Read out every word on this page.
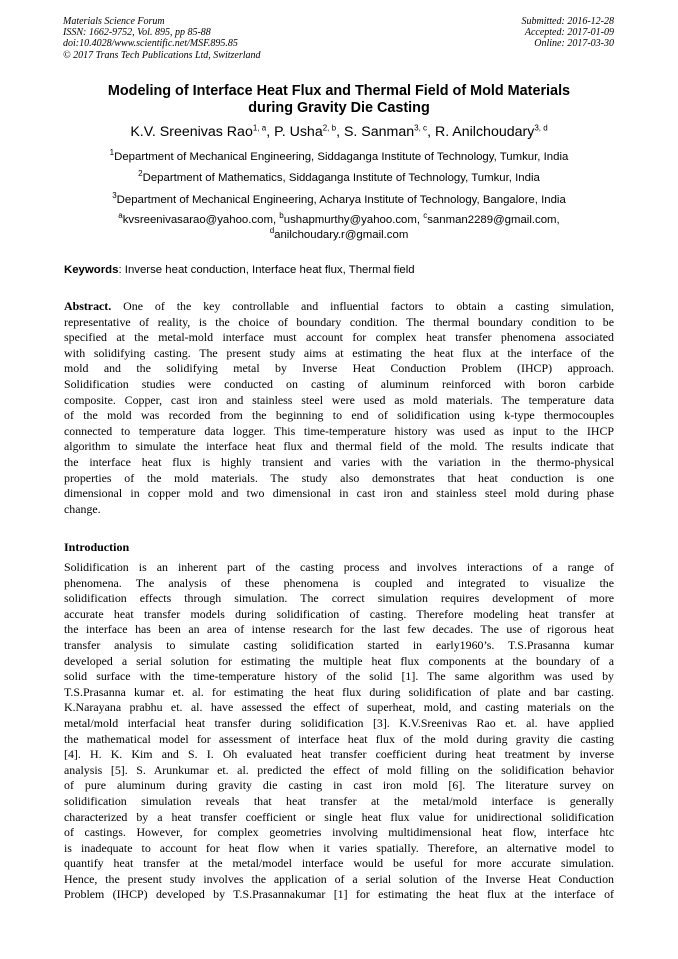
Materials Science Forum
ISSN: 1662-9752, Vol. 895, pp 85-88
doi:10.4028/www.scientific.net/MSF.895.85
© 2017 Trans Tech Publications Ltd, Switzerland
Submitted: 2016-12-28
Accepted: 2017-01-09
Online: 2017-03-30
Modeling of Interface Heat Flux and Thermal Field of Mold Materials
during Gravity Die Casting
K.V. Sreenivas Rao$^{1, a}$, P. Usha$^{2, b}$, S. Sanman$^{3, c}$, R. Anilchoudary$^{3, d}$
$^1$Department of Mechanical Engineering, Siddaganga Institute of Technology, Tumkur, India
$^2$Department of Mathematics, Siddaganga Institute of Technology, Tumkur, India
$^3$Department of Mechanical Engineering, Acharya Institute of Technology, Bangalore, India
$^a$kvsreenivasarao@yahoo.com, $^b$ushapmurthy@yahoo.com, $^c$sanman2289@gmail.com,
$^d$anilchoudary.r@gmail.com
Keywords: Inverse heat conduction, Interface heat flux, Thermal field
Abstract. One of the key controllable and influential factors to obtain a casting simulation,
representative of reality, is the choice of boundary condition. The thermal boundary condition to be
specified at the metal-mold interface must account for complex heat transfer phenomena associated
with solidifying casting. The present study aims at estimating the heat flux at the interface of the
mold and the solidifying metal by Inverse Heat Conduction Problem (IHCP) approach.
Solidification studies were conducted on casting of aluminum reinforced with boron carbide
composite. Copper, cast iron and stainless steel were used as mold materials. The temperature data
of the mold was recorded from the beginning to end of solidification using k-type thermocouples
connected to temperature data logger. This time-temperature history was used as input to the IHCP
algorithm to simulate the interface heat flux and thermal field of the mold. The results indicate that
the interface heat flux is highly transient and varies with the variation in the thermo-physical
properties of the mold materials. The study also demonstrates that heat conduction is one
dimensional in copper mold and two dimensional in cast iron and stainless steel mold during phase
change.
Introduction
Solidification is an inherent part of the casting process and involves interactions of a range of
phenomena. The analysis of these phenomena is coupled and integrated to visualize the
solidification effects through simulation. The correct simulation requires development of more
accurate heat transfer models during solidification of casting. Therefore modeling heat transfer at
the interface has been an area of intense research for the last few decades. The use of rigorous heat
transfer analysis to simulate casting solidification started in early1960’s. T.S.Prasanna kumar
developed a serial solution for estimating the multiple heat flux components at the boundary of a
solid surface with the time-temperature history of the solid [1]. The same algorithm was used by
T.S.Prasanna kumar et. al. for estimating the heat flux during solidification of plate and bar casting.
K.Narayana prabhu et. al. have assessed the effect of superheat, mold, and casting materials on the
metal/mold interfacial heat transfer during solidification [3]. K.V.Sreenivas Rao et. al. have applied
the mathematical model for assessment of interface heat flux of the mold during gravity die casting
[4]. H. K. Kim and S. I. Oh evaluated heat transfer coefficient during heat treatment by inverse
analysis [5]. S. Arunkumar et. al. predicted the effect of mold filling on the solidification behavior
of pure aluminum during gravity die casting in cast iron mold [6]. The literature survey on
solidification simulation reveals that heat transfer at the metal/mold interface is generally
characterized by a heat transfer coefficient or single heat flux value for unidirectional solidification
of castings. However, for complex geometries involving multidimensional heat flow, interface htc
is inadequate to account for heat flow when it varies spatially. Therefore, an alternative model to
quantify heat transfer at the metal/model interface would be useful for more accurate simulation.
Hence, the present study involves the application of a serial solution of the Inverse Heat Conduction
Problem (IHCP) developed by T.S.Prasannakumar [1] for estimating the heat flux at the interface of
